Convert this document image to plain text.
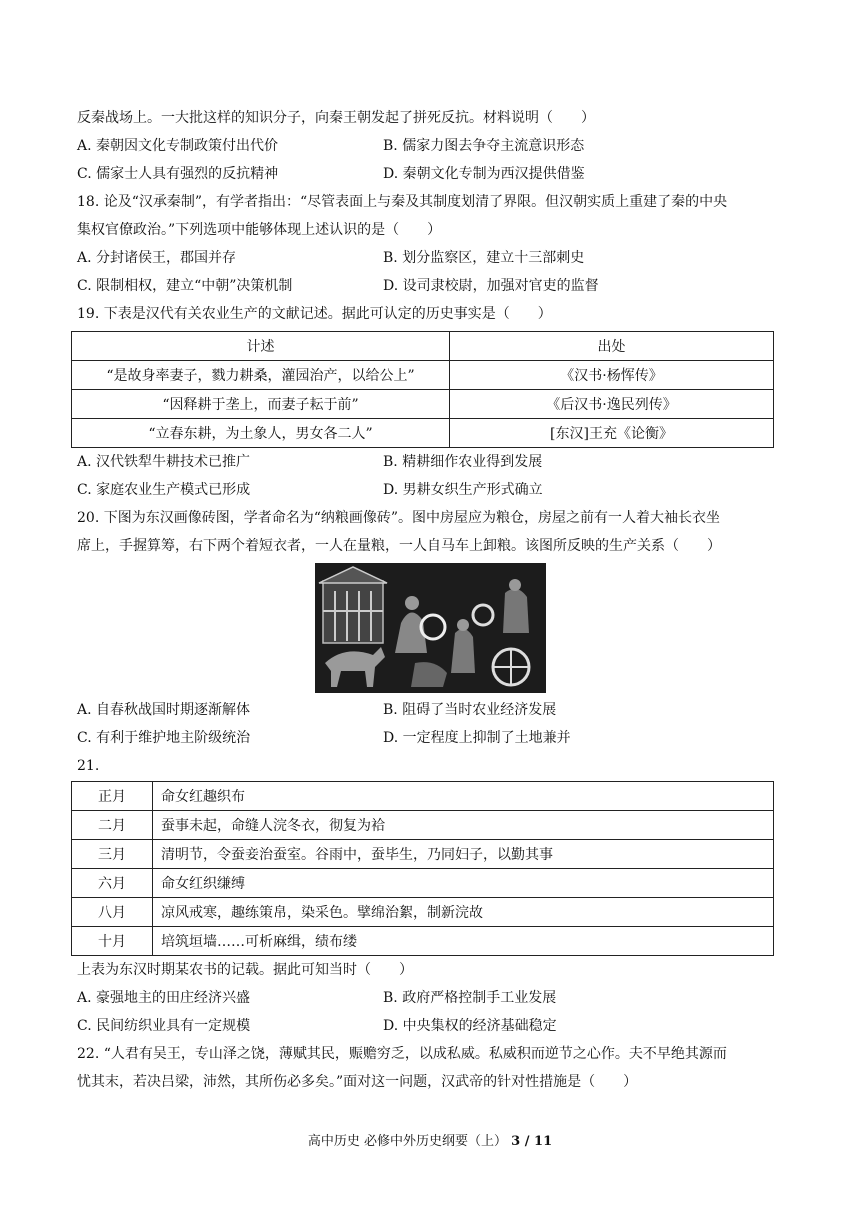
反秦战场上。一大批这样的知识分子，向秦王朝发起了拼死反抗。材料说明（　　）
A. 秦朝因文化专制政策付出代价	B. 儒家力图去争夺主流意识形态
C. 儒家士人具有强烈的反抗精神	D. 秦朝文化专制为西汉提供借鉴
18. 论及“汉承秦制”，有学者指出：“尽管表面上与秦及其制度划清了界限。但汉朝实质上重建了秦的中央
集权官僚政治。”下列选项中能够体现上述认识的是（　　）
A. 分封诸侯王，郡国并存	B. 划分监察区，建立十三部刺史
C. 限制相权，建立“中朝”决策机制	D. 设司隶校尉，加强对官吏的监督
19. 下表是汉代有关农业生产的文献记述。据此可认定的历史事实是（　　）
计述	出处
“是故身率妻子，戮力耕桑，灌园治产，以给公上”	《汉书·杨恽传》
“因释耕于垄上，而妻子耘于前”	《后汉书·逸民列传》
“立春东耕，为土象人，男女各二人”	[东汉]王充《论衡》
A. 汉代铁犁牛耕技术已推广	B. 精耕细作农业得到发展
C. 家庭农业生产模式已形成	D. 男耕女织生产形式确立
20. 下图为东汉画像砖图，学者命名为“纳粮画像砖”。图中房屋应为粮仓，房屋之前有一人着大袖长衣坐
席上，手握算筹，右下两个着短衣者，一人在量粮，一人自马车上卸粮。该图所反映的生产关系（　　）
A. 自春秋战国时期逐渐解体	B. 阻碍了当时农业经济发展
C. 有利于维护地主阶级统治	D. 一定程度上抑制了土地兼并
21.
正月	命女红趣织布
二月	蚕事未起，命缝人浣冬衣，彻复为袷
三月	清明节，令蚕妾治蚕室。谷雨中，蚕毕生，乃同妇子，以勤其事
六月	命女红织缣缚
八月	凉风戒寒，趣练策帛，染采色。擘绵治絮，制新浣故
十月	培筑垣墙……可析麻缉，绩布缕
上表为东汉时期某农书的记载。据此可知当时（　　）
A. 豪强地主的田庄经济兴盛	B. 政府严格控制手工业发展
C. 民间纺织业具有一定规模	D. 中央集权的经济基础稳定
22. “人君有吴王，专山泽之饶，薄赋其民，赈赡穷乏，以成私威。私威积而逆节之心作。夫不早绝其源而
忧其末，若决吕梁，沛然，其所伤必多矣。”面对这一问题，汉武帝的针对性措施是（　　）
高中历史 必修中外历史纲要（上） 3 / 11
